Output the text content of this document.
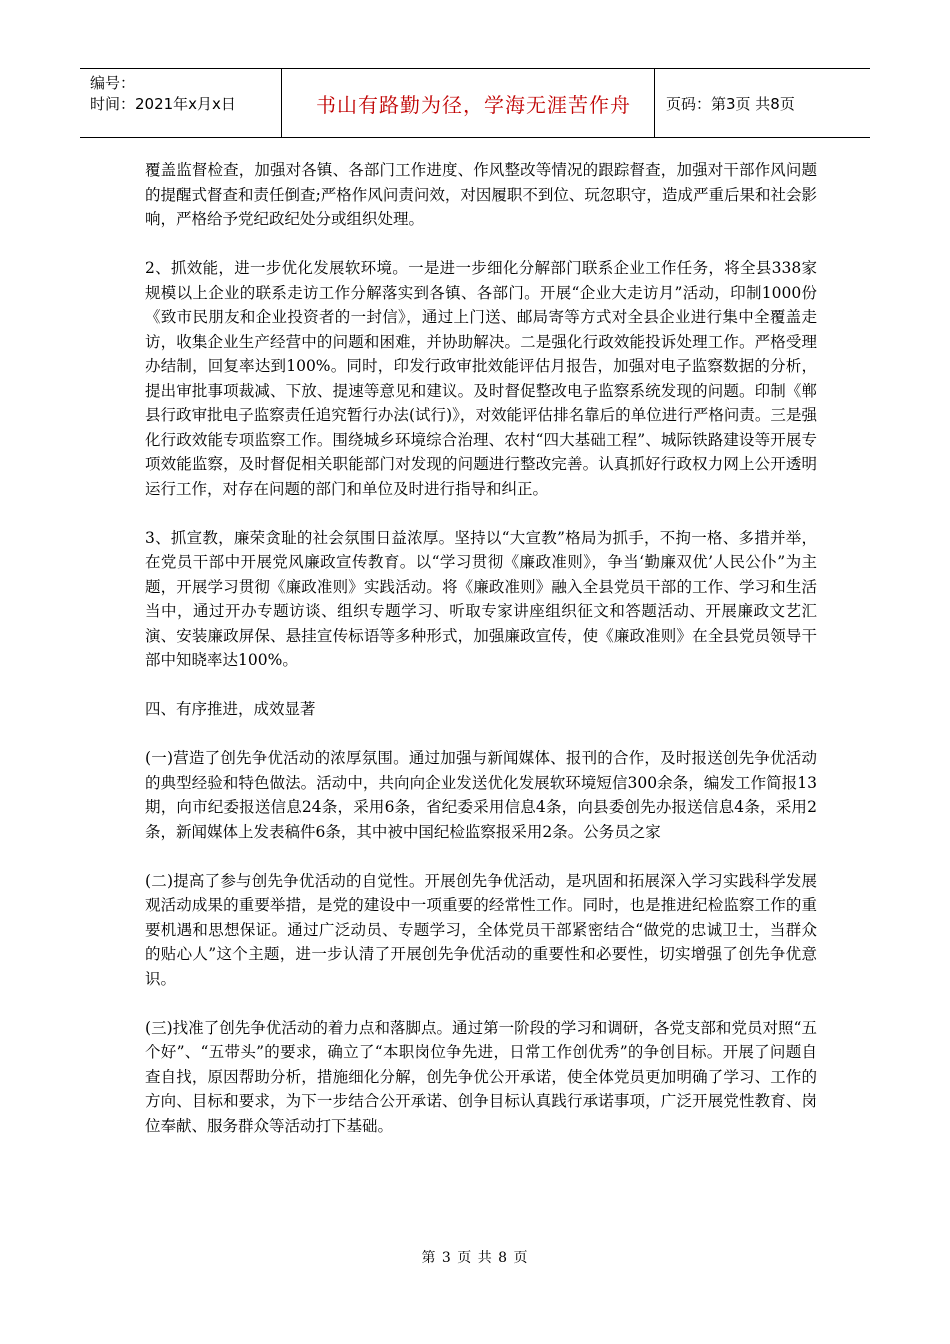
编号：
时间：2021年x月x日	书山有路勤为径，学海无涯苦作舟	页码：第3页 共8页

覆盖监督检查，加强对各镇、各部门工作进度、作风整改等情况的跟踪督查，加强对干部作风问题的提醒式督查和责任倒查;严格作风问责问效，对因履职不到位、玩忽职守，造成严重后果和社会影响，严格给予党纪政纪处分或组织处理。

2、抓效能，进一步优化发展软环境。一是进一步细化分解部门联系企业工作任务，将全县338家规模以上企业的联系走访工作分解落实到各镇、各部门。开展“企业大走访月”活动，印制1000份《致市民朋友和企业投资者的一封信》，通过上门送、邮局寄等方式对全县企业进行集中全覆盖走访，收集企业生产经营中的问题和困难，并协助解决。二是强化行政效能投诉处理工作。严格受理办结制，回复率达到100%。同时，印发行政审批效能评估月报告，加强对电子监察数据的分析，提出审批事项裁减、下放、提速等意见和建议。及时督促整改电子监察系统发现的问题。印制《郸县行政审批电子监察责任追究暂行办法(试行)》，对效能评估排名靠后的单位进行严格问责。三是强化行政效能专项监察工作。围绕城乡环境综合治理、农村“四大基础工程”、城际铁路建设等开展专项效能监察，及时督促相关职能部门对发现的问题进行整改完善。认真抓好行政权力网上公开透明运行工作，对存在问题的部门和单位及时进行指导和纠正。

3、抓宣教，廉荣贪耻的社会氛围日益浓厚。坚持以“大宣教”格局为抓手，不拘一格、多措并举，在党员干部中开展党风廉政宣传教育。以“学习贯彻《廉政准则》，争当‘勤廉双优’人民公仆”为主题，开展学习贯彻《廉政准则》实践活动。将《廉政准则》融入全县党员干部的工作、学习和生活当中，通过开办专题访谈、组织专题学习、听取专家讲座组织征文和答题活动、开展廉政文艺汇演、安装廉政屏保、悬挂宣传标语等多种形式，加强廉政宣传，使《廉政准则》在全县党员领导干部中知晓率达100%。

四、有序推进，成效显著

(一)营造了创先争优活动的浓厚氛围。通过加强与新闻媒体、报刊的合作，及时报送创先争优活动的典型经验和特色做法。活动中，共向向企业发送优化发展软环境短信300余条，编发工作简报13期，向市纪委报送信息24条，采用6条，省纪委采用信息4条，向县委创先办报送信息4条，采用2条，新闻媒体上发表稿件6条，其中被中国纪检监察报采用2条。公务员之家

(二)提高了参与创先争优活动的自觉性。开展创先争优活动，是巩固和拓展深入学习实践科学发展观活动成果的重要举措，是党的建设中一项重要的经常性工作。同时，也是推进纪检监察工作的重要机遇和思想保证。通过广泛动员、专题学习，全体党员干部紧密结合“做党的忠诚卫士，当群众的贴心人”这个主题，进一步认清了开展创先争优活动的重要性和必要性，切实增强了创先争优意识。

(三)找准了创先争优活动的着力点和落脚点。通过第一阶段的学习和调研，各党支部和党员对照“五个好”、“五带头”的要求，确立了“本职岗位争先进，日常工作创优秀”的争创目标。开展了问题自查自找，原因帮助分析，措施细化分解，创先争优公开承诺，使全体党员更加明确了学习、工作的方向、目标和要求，为下一步结合公开承诺、创争目标认真践行承诺事项，广泛开展党性教育、岗位奉献、服务群众等活动打下基础。

第 3 页 共 8 页
